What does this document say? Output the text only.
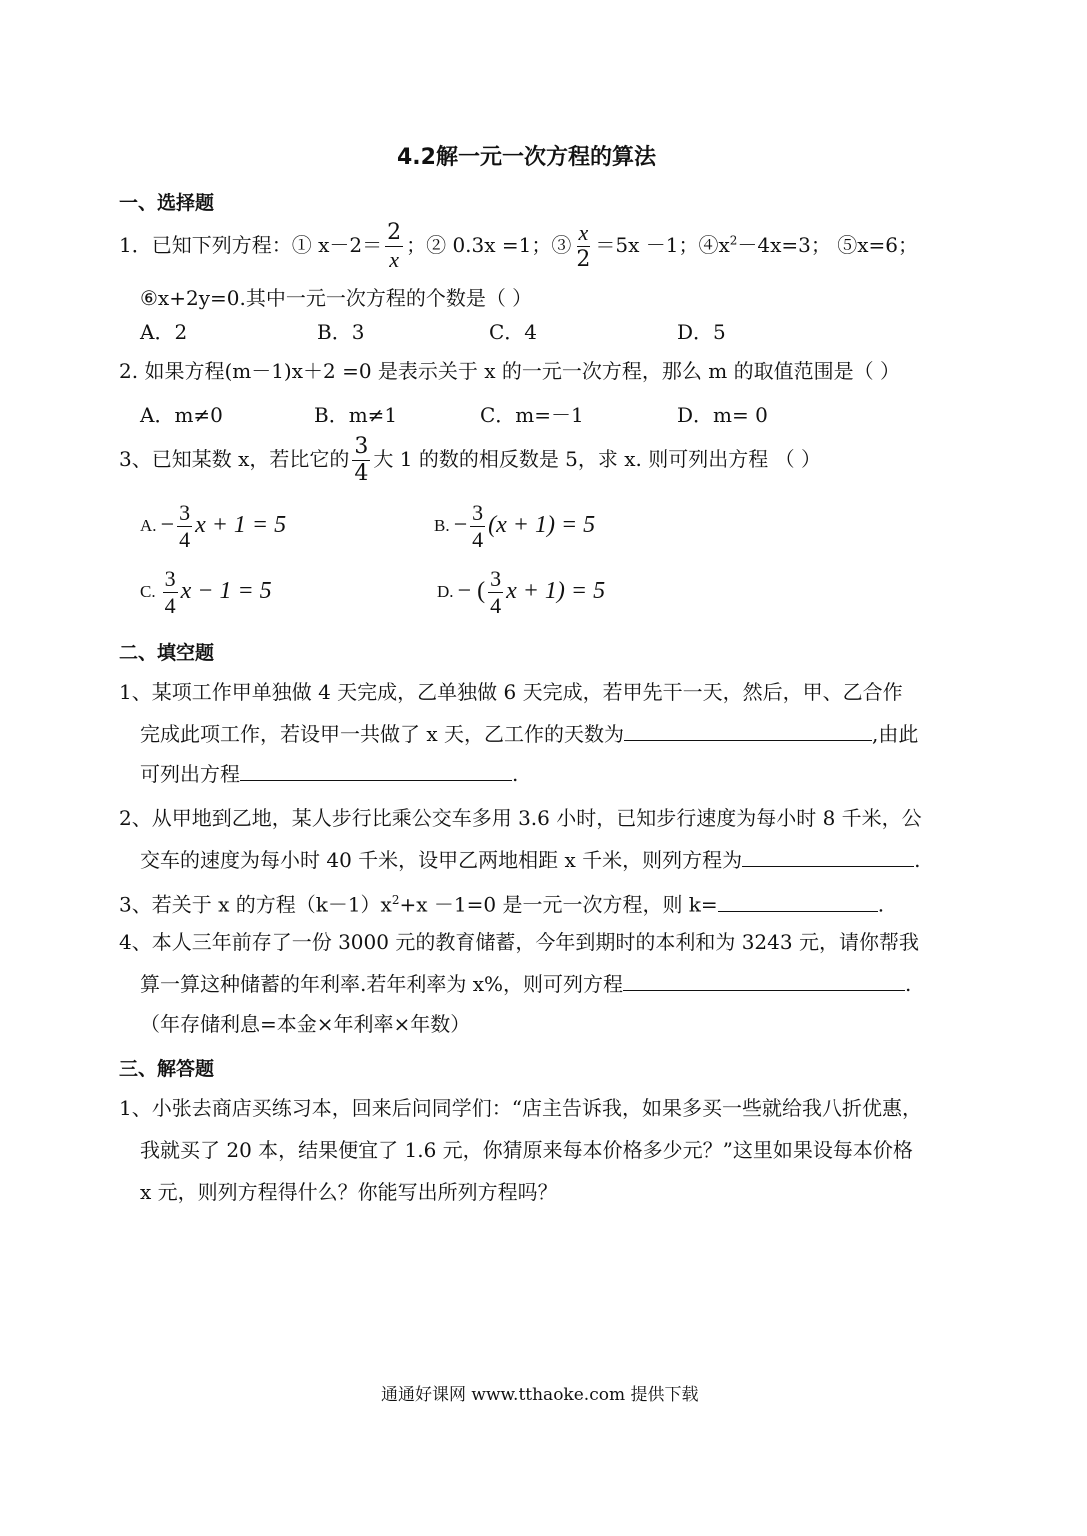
4.2解一元一次方程的算法
一、选择题
1．已知下列方程：① $x-2= \frac{2}{x}$ ；② 0.3x =1；③ $\frac{x}{2} =5x -1$；$④x^2-4x=3$； ⑤x=6；
⑥x+2y=0.其中一元一次方程的个数是（ ）
A．2	B．3	C．4	D．5
2. 如果方程(m－1)x＋2 =0 是表示关于 x 的一元一次方程，那么 m 的取值范围是（ ）
A．m≠0	B．m≠1	C．m=－1	D．m= 0
3、已知某数 x，若比它的 $\frac{3}{4}$ 大 1 的数的相反数是 5，求 x. 则可列出方程 （ ）
A. − $\frac{3}{4}$ x + 1 = 5	B. − $\frac{3}{4} (x + 1) = 5$
C. $\frac{3}{4}$ x − 1 = 5	D. − ( $\frac{3}{4}$ x + 1) = 5
二、填空题
1、某项工作甲单独做 4 天完成，乙单独做 6 天完成，若甲先干一天，然后，甲、乙合作
完成此项工作，若设甲一共做了 x 天，乙工作的天数为	,由此
可列出方程	.
2、从甲地到乙地，某人步行比乘公交车多用 3.6 小时，已知步行速度为每小时 8 千米，公
交车的速度为每小时 40 千米，设甲乙两地相距 x 千米，则列方程为	.
3、若关于 x 的方程$(k-1)x^2+x -1=0$ 是一元一次方程，则 k=	.
4、本人三年前存了一份 3000 元的教育储蓄，今年到期时的本利和为 3243 元，请你帮我
算一算这种储蓄的年利率.若年利率为 x%，则可列方程	.
（年存储利息=本金×年利率×年数）
三、解答题
1、小张去商店买练习本，回来后问同学们：“店主告诉我，如果多买一些就给我八折优惠，
我就买了 20 本，结果便宜了 1.6 元，你猜原来每本价格多少元？”这里如果设每本价格
x 元，则列方程得什么？你能写出所列方程吗？
通通好课网 www.tthaoke.com 提供下载
